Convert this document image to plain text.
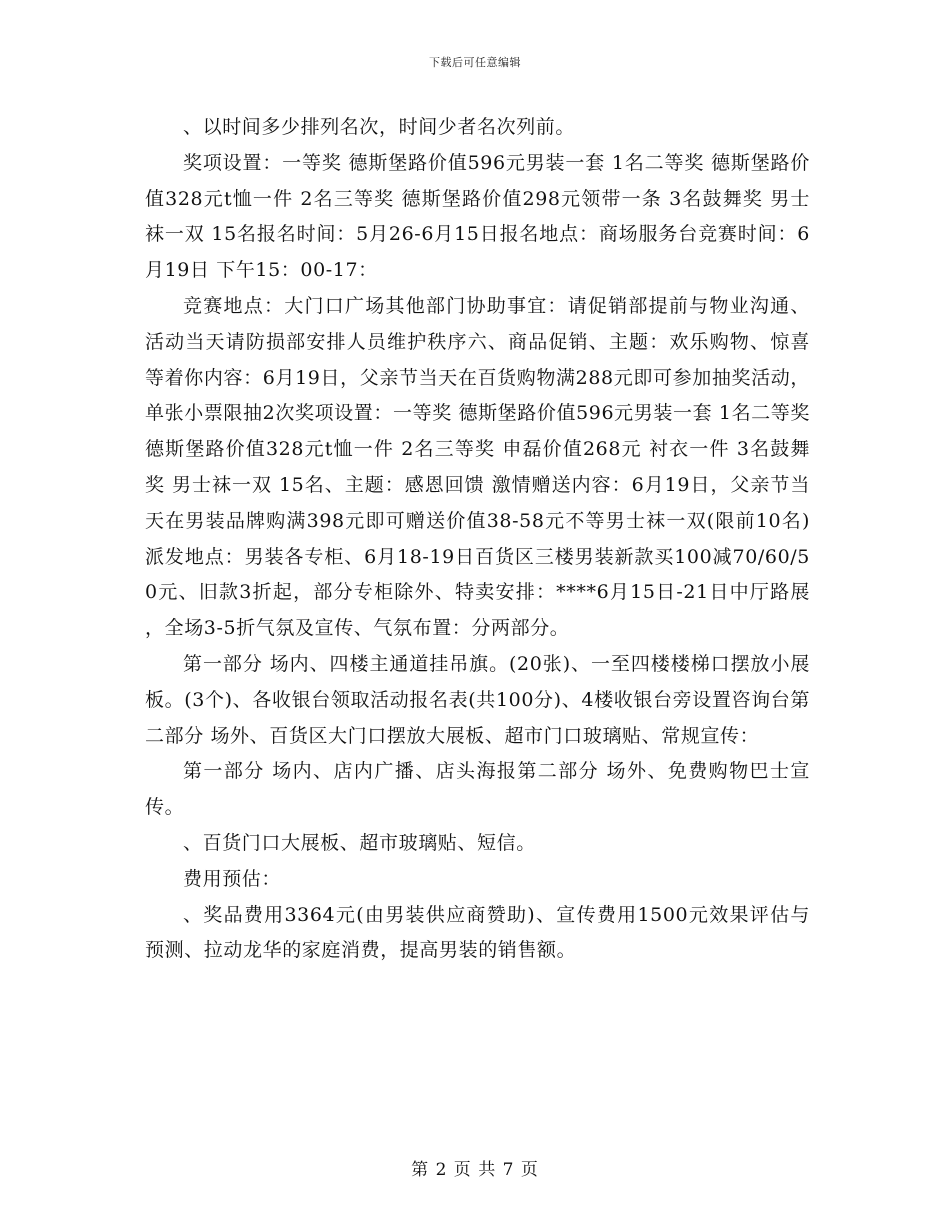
下载后可任意编辑

、以时间多少排列名次，时间少者名次列前。

奖项设置：一等奖 德斯堡路价值596元男装一套 1名二等奖 德斯堡路价值328元t恤一件 2名三等奖 德斯堡路价值298元领带一条 3名鼓舞奖 男士袜一双 15名报名时间：5月26-6月15日报名地点：商场服务台竞赛时间：6月19日 下午15：00-17：

竞赛地点：大门口广场其他部门协助事宜：请促销部提前与物业沟通、活动当天请防损部安排人员维护秩序六、商品促销、主题：欢乐购物、惊喜等着你内容：6月19日，父亲节当天在百货购物满288元即可参加抽奖活动，单张小票限抽2次奖项设置：一等奖 德斯堡路价值596元男装一套 1名二等奖 德斯堡路价值328元t恤一件 2名三等奖 申磊价值268元 衬衣一件 3名鼓舞奖 男士袜一双 15名、主题：感恩回馈 激情赠送内容：6月19日，父亲节当天在男装品牌购满398元即可赠送价值38-58元不等男士袜一双(限前10名)派发地点：男装各专柜、6月18-19日百货区三楼男装新款买100减70/60/50元、旧款3折起，部分专柜除外、特卖安排：****6月15日-21日中厅路展 ，全场3-5折气氛及宣传、气氛布置：分两部分。

第一部分 场内、四楼主通道挂吊旗。(20张)、一至四楼楼梯口摆放小展板。(3个)、各收银台领取活动报名表(共100分)、4楼收银台旁设置咨询台第二部分 场外、百货区大门口摆放大展板、超市门口玻璃贴、常规宣传：

第一部分 场内、店内广播、店头海报第二部分 场外、免费购物巴士宣传。

、百货门口大展板、超市玻璃贴、短信。

费用预估：

、奖品费用3364元(由男装供应商赞助)、宣传费用1500元效果评估与预测、拉动龙华的家庭消费，提高男装的销售额。

第 2 页 共 7 页
